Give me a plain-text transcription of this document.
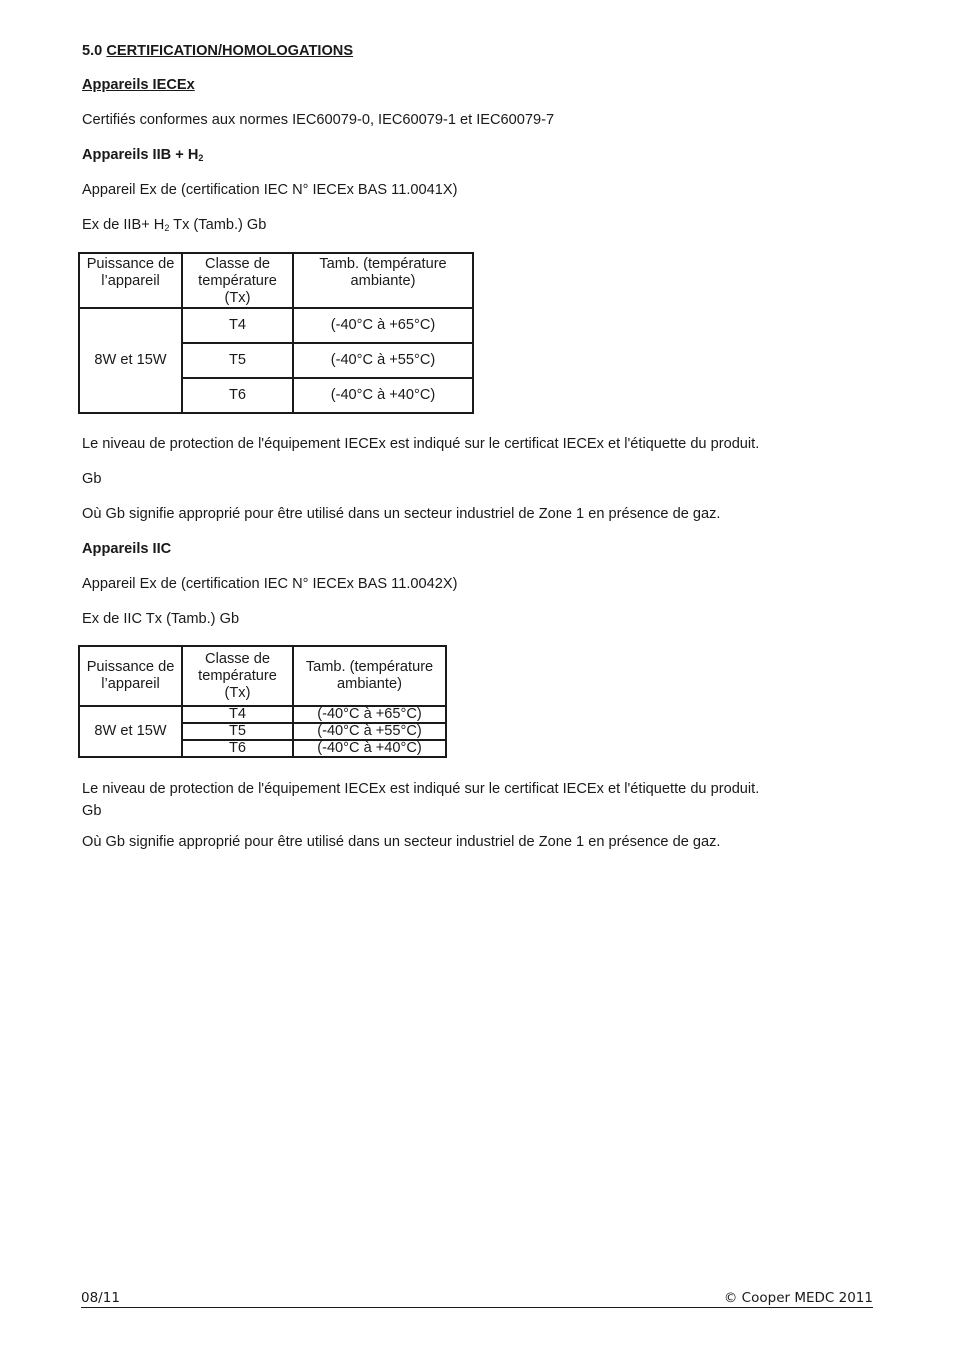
5.0 CERTIFICATION/HOMOLOGATIONS
Appareils IECEx
Certifiés conformes aux normes IEC60079-0, IEC60079-1 et IEC60079-7
Appareils IIB + $H_2$
Appareil Ex de (certification IEC N° IECEx BAS 11.0041X)
Ex de $IIB+ H_2$ Tx (Tamb.) Gb
Puissance de l’appareil	Classe de température (Tx)	Tamb. (température ambiante)
8W et 15W	T4	(-40°C à +65°C)
	T5	(-40°C à +55°C)
	T6	(-40°C à +40°C)
Le niveau de protection de l'équipement IECEx est indiqué sur le certificat IECEx et l'étiquette du produit.
Gb
Où Gb signifie approprié pour être utilisé dans un secteur industriel de Zone 1 en présence de gaz.
Appareils IIC
Appareil Ex de (certification IEC N° IECEx BAS 11.0042X)
Ex de IIC Tx (Tamb.) Gb
Puissance de l’appareil	Classe de température (Tx)	Tamb. (température ambiante)
8W et 15W	T4	(-40°C à +65°C)
	T5	(-40°C à +55°C)
	T6	(-40°C à +40°C)
Le niveau de protection de l'équipement IECEx est indiqué sur le certificat IECEx et l'étiquette du produit.
Gb
Où Gb signifie approprié pour être utilisé dans un secteur industriel de Zone 1 en présence de gaz.
08/11	© Cooper MEDC 2011
